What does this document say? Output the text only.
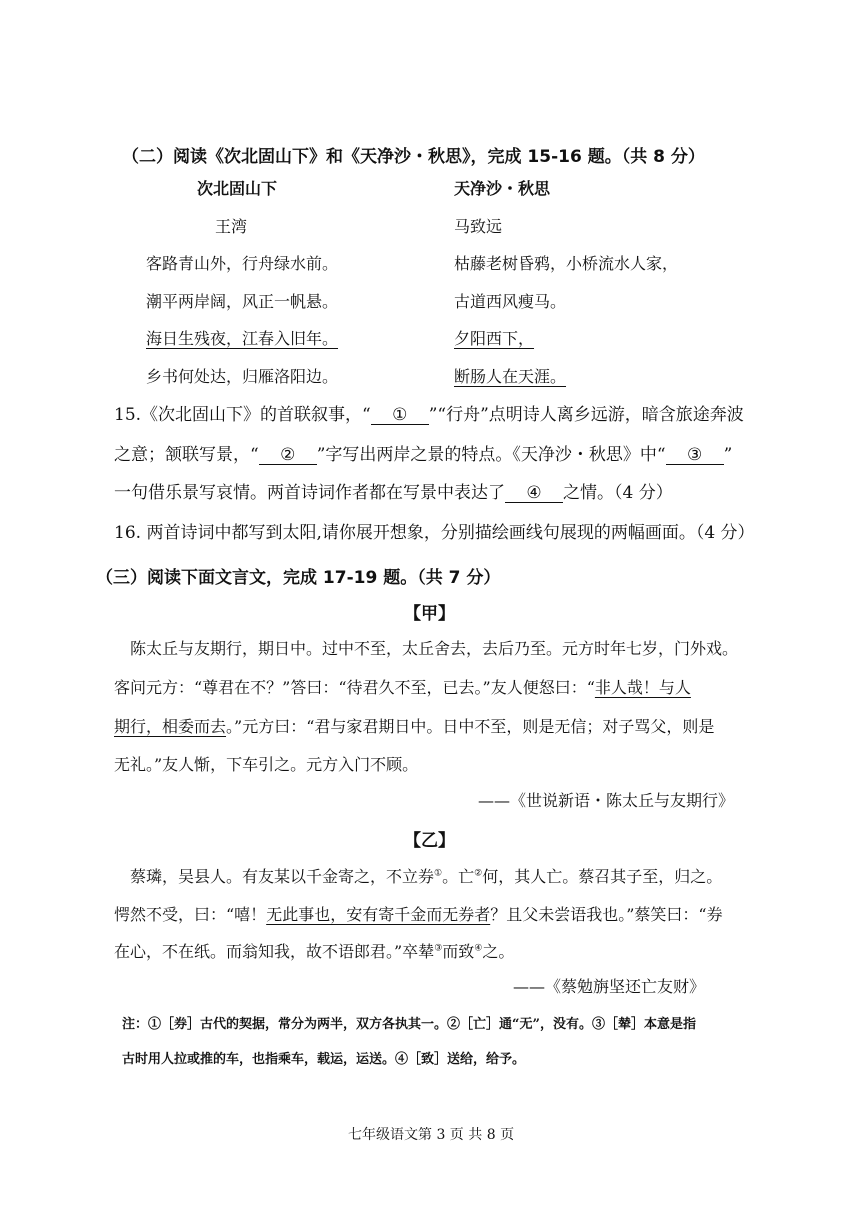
（二）阅读《次北固山下》和《天净沙・秋思》，完成 15-16 题。（共 8 分）
次北固山下
王湾
客路青山外，行舟绿水前。
潮平两岸阔，风正一帆悬。
海日生残夜，江春入旧年。
乡书何处达，归雁洛阳边。
天净沙・秋思
马致远
枯藤老树昏鸦，小桥流水人家，
古道西风瘦马。
夕阳西下，
断肠人在天涯。
15.《次北固山下》的首联叙事，“ ① ”“行舟”点明诗人离乡远游，暗含旅途奔波
之意；颔联写景，“ ② ”字写出两岸之景的特点。《天净沙・秋思》中“ ③ ”
一句借乐景写哀情。两首诗词作者都在写景中表达了 ④ 之情。（4 分）
16. 两首诗词中都写到太阳,请你展开想象，分别描绘画线句展现的两幅画面。（4 分）
（三）阅读下面文言文，完成 17-19 题。（共 7 分）
【甲】
陈太丘与友期行，期日中。过中不至，太丘舍去，去后乃至。元方时年七岁，门外戏。
客问元方：“尊君在不？”答曰：“待君久不至，已去。”友人便怒曰：“非人哉！与人
期行，相委而去。”元方曰：“君与家君期日中。日中不至，则是无信；对子骂父，则是
无礼。”友人惭，下车引之。元方入门不顾。
——《世说新语・陈太丘与友期行》
【乙】
蔡璘，吴县人。有友某以千金寄之，不立券①。亡②何，其人亡。蔡召其子至，归之。
愕然不受，曰：“嘻！无此事也，安有寄千金而无券者？且父未尝语我也。”蔡笑曰：“券
在心，不在纸。而翁知我，故不语郎君。”卒辇③而致④之。
——《蔡勉旃坚还亡友财》
注：①［券］古代的契据，常分为两半，双方各执其一。②［亡］通“无”，没有。③［辇］本意是指
古时用人拉或推的车，也指乘车，载运，运送。④［致］送给，给予。
七年级语文第 3 页 共 8 页
